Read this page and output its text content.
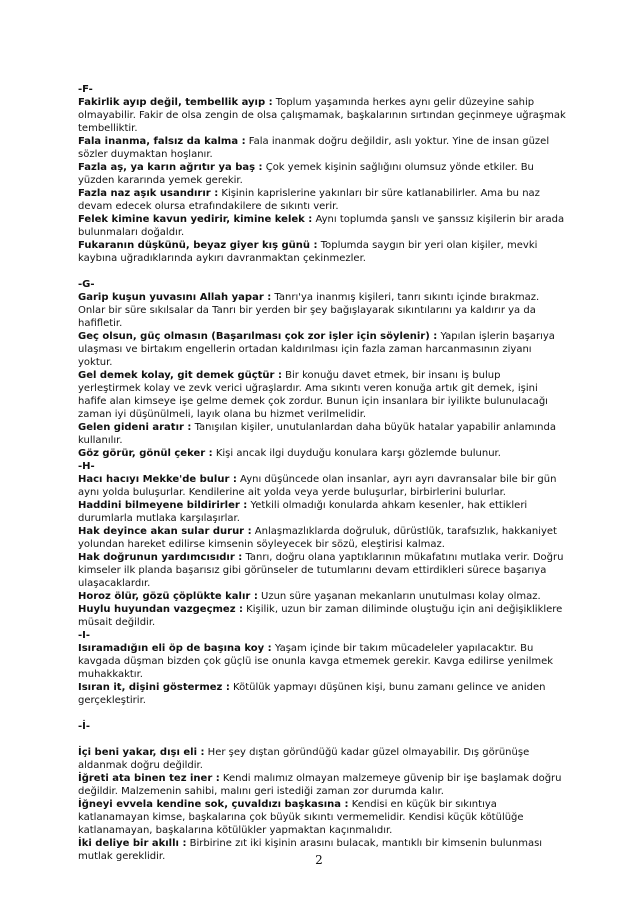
-F-

Fakirlik ayıp değil, tembellik ayıp : Toplum yaşamında herkes aynı gelir düzeyine sahip olmayabilir. Fakir de olsa zengin de olsa çalışmamak, başkalarının sırtından geçinmeye uğraşmak tembelliktir.

Fala inanma, falsız da kalma : Fala inanmak doğru değildir, aslı yoktur. Yine de insan güzel sözler duymaktan hoşlanır.

Fazla aş, ya karın ağrıtır ya baş : Çok yemek kişinin sağlığını olumsuz yönde etkiler. Bu yüzden kararında yemek gerekir.

Fazla naz aşık usandırır : Kişinin kaprislerine yakınları bir süre katlanabilirler. Ama bu naz devam edecek olursa etrafındakilere de sıkıntı verir.

Felek kimine kavun yedirir, kimine kelek : Aynı toplumda şanslı ve şanssız kişilerin bir arada bulunmaları doğaldır.

Fukaranın düşkünü, beyaz giyer kış günü : Toplumda saygın bir yeri olan kişiler, mevki kaybına uğradıklarında aykırı davranmaktan çekinmezler.

-G-

Garip kuşun yuvasını Allah yapar : Tanrı'ya inanmış kişileri, tanrı sıkıntı içinde bırakmaz. Onlar bir süre sıkılsalar da Tanrı bir yerden bir şey bağışlayarak sıkıntılarını ya kaldırır ya da hafifletir.

Geç olsun, güç olmasın (Başarılması çok zor işler için söylenir) : Yapılan işlerin başarıya ulaşması ve birtakım engellerin ortadan kaldırılması için fazla zaman harcanmasının ziyanı yoktur.

Gel demek kolay, git demek güçtür : Bir konuğu davet etmek, bir insanı iş bulup yerleştirmek kolay ve zevk verici uğraşlardır. Ama sıkıntı veren konuğa artık git demek, işini hafife alan kimseye işe gelme demek çok zordur. Bunun için insanlara bir iyilikte bulunulacağı zaman iyi düşünülmeli, layık olana bu hizmet verilmelidir.

Gelen gideni aratır : Tanışılan kişiler, unutulanlardan daha büyük hatalar yapabilir anlamında kullanılır.

Göz görür, gönül çeker : Kişi ancak ilgi duyduğu konulara karşı gözlemde bulunur.

-H-

Hacı hacıyı Mekke'de bulur : Aynı düşüncede olan insanlar, ayrı ayrı davransalar bile bir gün aynı yolda buluşurlar. Kendilerine ait yolda veya yerde buluşurlar, birbirlerini bulurlar.

Haddini bilmeyene bildirirler : Yetkili olmadığı konularda ahkam kesenler, hak ettikleri durumlarla mutlaka karşılaşırlar.

Hak deyince akan sular durur : Anlaşmazlıklarda doğruluk, dürüstlük, tarafsızlık, hakkaniyet yolundan hareket edilirse kimsenin söyleyecek bir sözü, eleştirisi kalmaz.

Hak doğrunun yardımcısıdır : Tanrı, doğru olana yaptıklarının mükafatını mutlaka verir. Doğru kimseler ilk planda başarısız gibi görünseler de tutumlarını devam ettirdikleri sürece başarıya ulaşacaklardır.

Horoz ölür, gözü çöplükte kalır : Uzun süre yaşanan mekanların unutulması kolay olmaz.

Huylu huyundan vazgeçmez : Kişilik, uzun bir zaman diliminde oluştuğu için ani değişikliklere müsait değildir.

-I-

Isıramadığın eli öp de başına koy : Yaşam içinde bir takım mücadeleler yapılacaktır. Bu kavgada düşman bizden çok güçlü ise onunla kavga etmemek gerekir. Kavga edilirse yenilmek muhakkaktır.

Isıran it, dişini göstermez : Kötülük yapmayı düşünen kişi, bunu zamanı gelince ve aniden gerçekleştirir.

-İ-

İçi beni yakar, dışı eli : Her şey dıştan göründüğü kadar güzel olmayabilir. Dış görünüşe aldanmak doğru değildir.

İğreti ata binen tez iner : Kendi malımız olmayan malzemeye güvenip bir işe başlamak doğru değildir. Malzemenin sahibi, malını geri istediği zaman zor durumda kalır.

İğneyi evvela kendine sok, çuvaldızı başkasına : Kendisi en küçük bir sıkıntıya katlanamayan kimse, başkalarına çok büyük sıkıntı vermemelidir. Kendisi küçük kötülüğe katlanamayan, başkalarına kötülükler yapmaktan kaçınmalıdır.

İki deliye bir akıllı : Birbirine zıt iki kişinin arasını bulacak, mantıklı bir kimsenin bulunması mutlak gereklidir.	2
